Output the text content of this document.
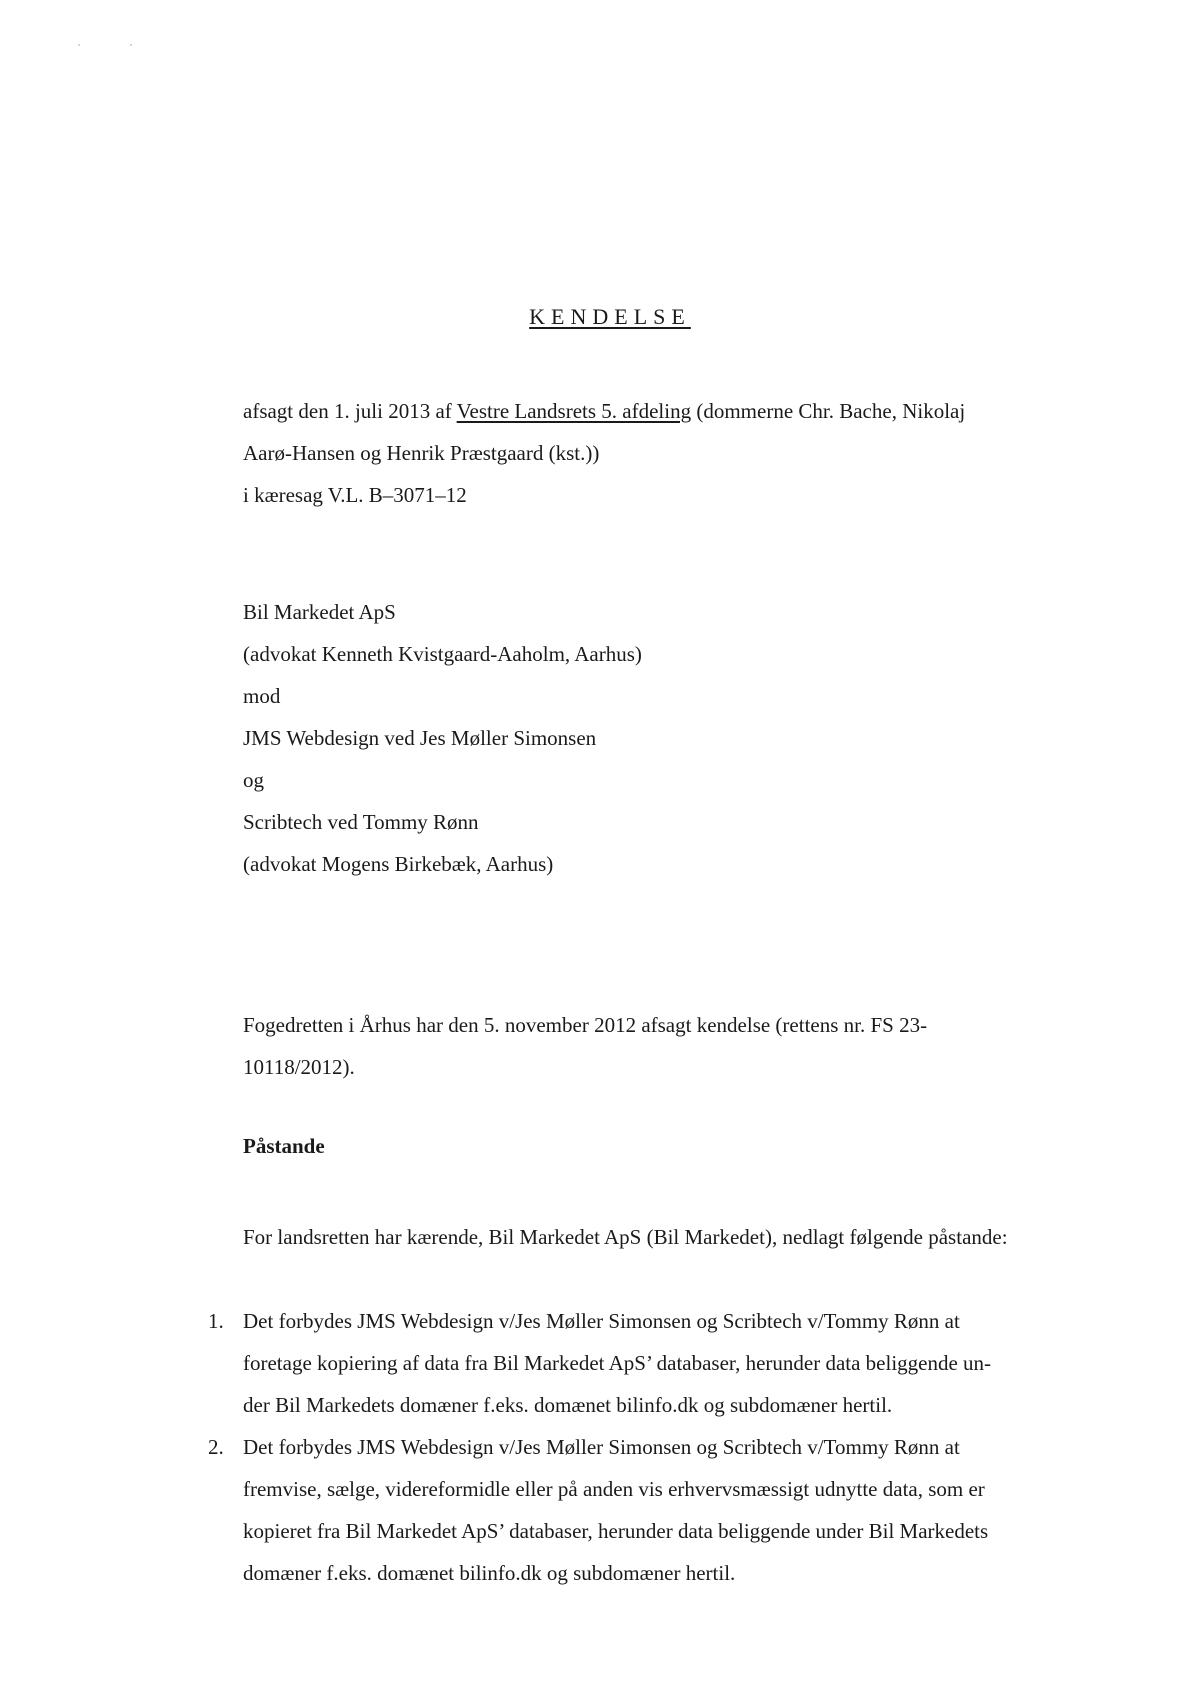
KENDELSE

afsagt den 1. juli 2013 af Vestre Landsrets 5. afdeling (dommerne Chr. Bache, Nikolaj

Aarø-Hansen og Henrik Præstgaard (kst.))

i kæresag V.L. B–3071–12

Bil Markedet ApS

(advokat Kenneth Kvistgaard-Aaholm, Aarhus)

mod

JMS Webdesign ved Jes Møller Simonsen

og

Scribtech ved Tommy Rønn

(advokat Mogens Birkebæk, Aarhus)

Fogedretten i Århus har den 5. november 2012 afsagt kendelse (rettens nr. FS 23-

10118/2012).

Påstande

For landsretten har kærende, Bil Markedet ApS (Bil Markedet), nedlagt følgende påstande:

1. Det forbydes JMS Webdesign v/Jes Møller Simonsen og Scribtech v/Tommy Rønn at
foretage kopiering af data fra Bil Markedet ApS’ databaser, herunder data beliggende un-
der Bil Markedets domæner f.eks. domænet bilinfo.dk og subdomæner hertil.
2. Det forbydes JMS Webdesign v/Jes Møller Simonsen og Scribtech v/Tommy Rønn at
fremvise, sælge, videreformidle eller på anden vis erhvervsmæssigt udnytte data, som er
kopieret fra Bil Markedet ApS’ databaser, herunder data beliggende under Bil Markedets
domæner f.eks. domænet bilinfo.dk og subdomæner hertil.
